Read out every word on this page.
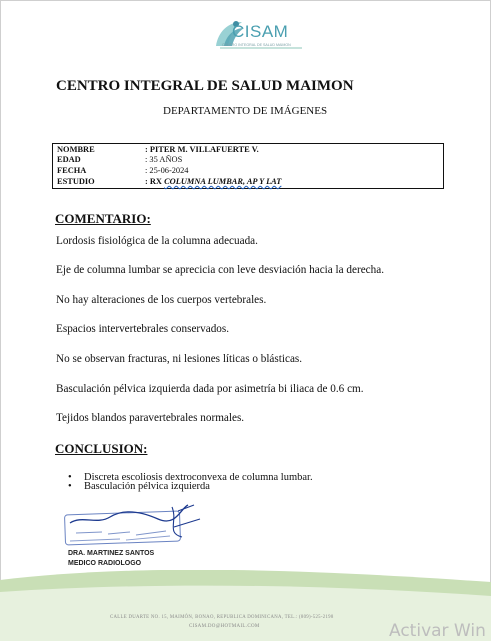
CISAM
CENTRO INTEGRAL DE SALUD MAIMON
CENTRO INTEGRAL DE SALUD MAIMON
DEPARTAMENTO DE IMÁGENES
NOMBRE	: PITER M. VILLAFUERTE V.
EDAD	: 35 AÑOS
FECHA	: 25-06-2024
ESTUDIO	: RX COLUMNA LUMBAR, AP Y LAT
COMENTARIO:
Lordosis fisiológica de la columna adecuada.
Eje de columna lumbar se aprecicia con leve desviación hacia la derecha.
No hay alteraciones de los cuerpos vertebrales.
Espacios intervertebrales conservados.
No se observan fracturas, ni lesiones líticas o blásticas.
Basculación pélvica izquierda dada por asimetría bi iliaca de 0.6 cm.
Tejidos blandos paravertebrales normales.
CONCLUSION:
• Discreta escoliosis dextroconvexa de columna lumbar.
• Basculación pélvica izquierda
DRA. MARTINEZ SANTOS
MEDICO RADIOLOGO
CALLE DUARTE NO. 15, MAIMÓN, BONAO, REPUBLICA DOMINICANA, TEL.: (809)-525-2198
CISAM.DO@HOTMAIL.COM	Activar Win
